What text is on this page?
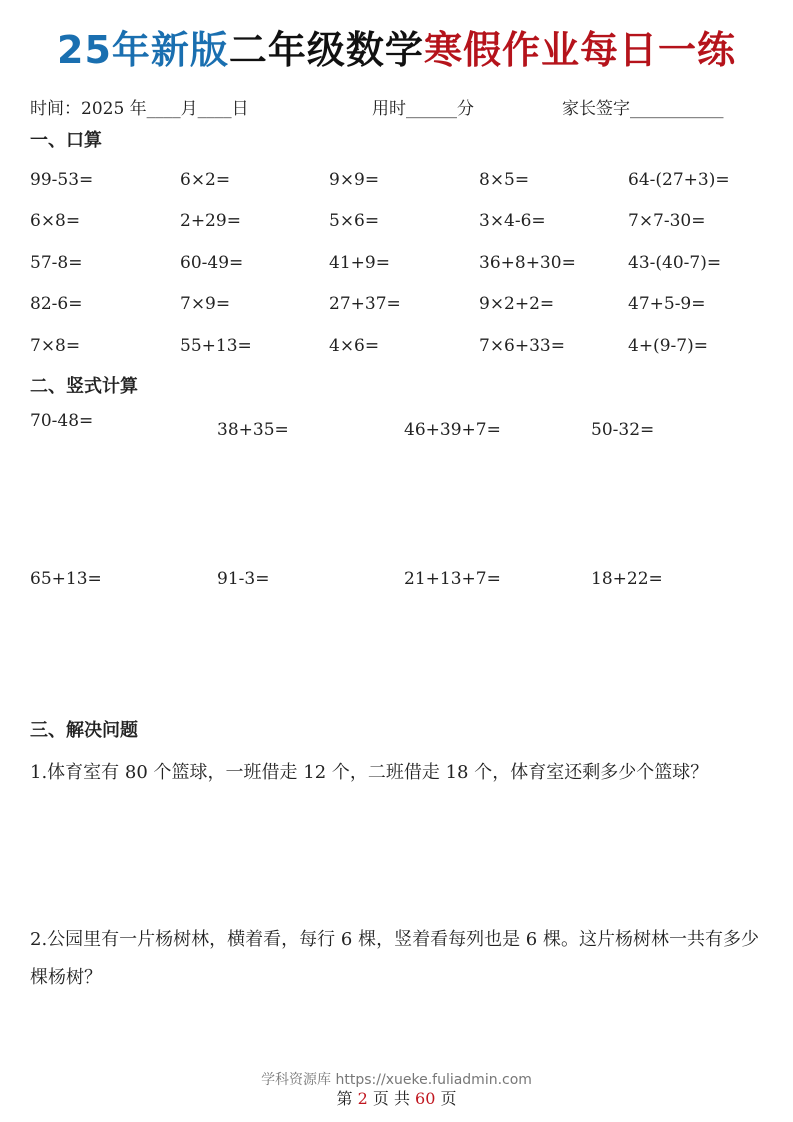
25年新版二年级数学寒假作业每日一练
时间：2025 年____月____日	用时______分	家长签字___________
一、口算
99-53=	6×2=	9×9=	8×5=	64-(27+3)=
6×8=	2+29=	5×6=	3×4-6=	7×7-30=
57-8=	60-49=	41+9=	36+8+30=	43-(40-7)=
82-6=	7×9=	27+37=	9×2+2=	47+5-9=
7×8=	55+13=	4×6=	7×6+33=	4+(9-7)=
二、竖式计算
70-48=	38+35=	46+39+7=	50-32=
65+13=	91-3=	21+13+7=	18+22=
三、解决问题
1.体育室有 80 个篮球，一班借走 12 个，二班借走 18 个，体育室还剩多少个篮球？
2.公园里有一片杨树林，横着看，每行 6 棵，竖着看每列也是 6 棵。这片杨树林一共有多少棵杨树？
学科资源库 https://xueke.fuliadmin.com
第 2 页 共 60 页
